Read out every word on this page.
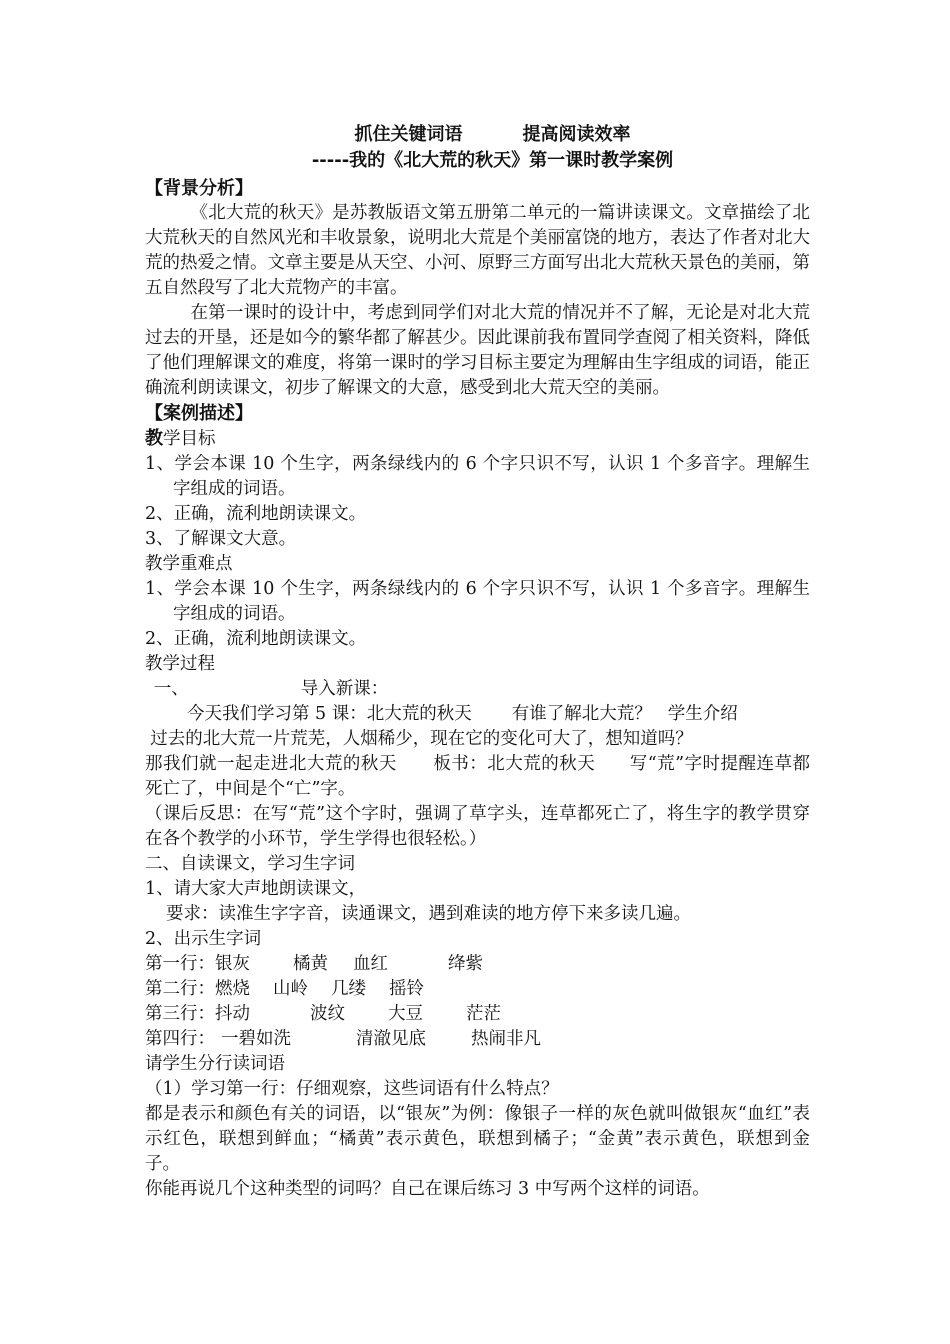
抓住关键词语	提高阅读效率

-----我的《北大荒的秋天》第一课时教学案例

【背景分析】

《北大荒的秋天》是苏教版语文第五册第二单元的一篇讲读课文。文章描绘了北大荒秋天的自然风光和丰收景象，说明北大荒是个美丽富饶的地方，表达了作者对北大荒的热爱之情。文章主要是从天空、小河、原野三方面写出北大荒秋天景色的美丽，第五自然段写了北大荒物产的丰富。

在第一课时的设计中，考虑到同学们对北大荒的情况并不了解，无论是对北大荒过去的开垦，还是如今的繁华都了解甚少。因此课前我布置同学查阅了相关资料，降低了他们理解课文的难度，将第一课时的学习目标主要定为理解由生字组成的词语，能正确流利朗读课文，初步了解课文的大意，感受到北大荒天空的美丽。

【案例描述】

教学目标

1、学会本课 10 个生字，两条绿线内的 6 个字只识不写，认识 1 个多音字。理解生字组成的词语。

2、正确，流利地朗读课文。

3、了解课文大意。

教学重难点

1、学会本课 10 个生字，两条绿线内的 6 个字只识不写，认识 1 个多音字。理解生字组成的词语。

2、正确，流利地朗读课文。

教学过程

一、	导入新课：

今天我们学习第 5 课：北大荒的秋天 有谁了解北大荒？ 学生介绍

过去的北大荒一片荒芜，人烟稀少，现在它的变化可大了，想知道吗？

那我们就一起走进北大荒的秋天 板书：北大荒的秋天 写“荒”字时提醒连草都死亡了，中间是个“亡”字。

（课后反思：在写“荒”这个字时，强调了草字头，连草都死亡了，将生字的教学贯穿在各个教学的小环节，学生学得也很轻松。）

二、自读课文，学习生字词

1、请大家大声地朗读课文，

要求：读准生字字音，读通课文，遇到难读的地方停下来多读几遍。

2、出示生字词

第一行：银灰 橘黄 血红	绛紫

第二行：燃烧 山岭 几缕 摇铃

第三行：抖动	波纹 大豆 茫茫

第四行： 一碧如洗	清澈见底	热闹非凡

请学生分行读词语

（1）学习第一行：仔细观察，这些词语有什么特点？

都是表示和颜色有关的词语，以“银灰”为例：像银子一样的灰色就叫做银灰“血红”表示红色，联想到鲜血；“橘黄”表示黄色，联想到橘子；“金黄”表示黄色，联想到金子。

你能再说几个这种类型的词吗？自己在课后练习 3 中写两个这样的词语。
